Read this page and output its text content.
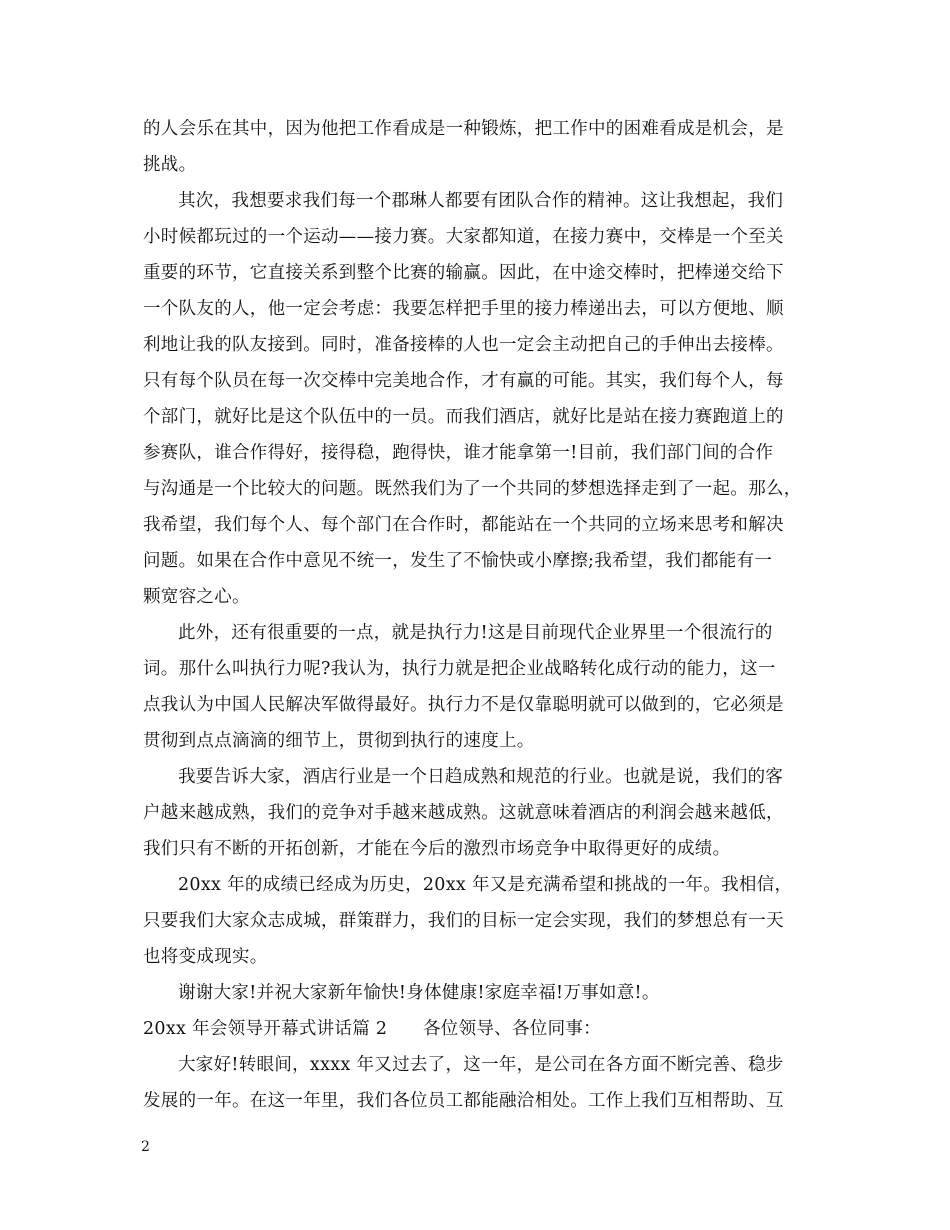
的人会乐在其中，因为他把工作看成是一种锻炼，把工作中的困难看成是机会，是
挑战。
其次，我想要求我们每一个郡琳人都要有团队合作的精神。这让我想起，我们
小时候都玩过的一个运动——接力赛。大家都知道，在接力赛中，交棒是一个至关
重要的环节，它直接关系到整个比赛的输赢。因此，在中途交棒时，把棒递交给下
一个队友的人，他一定会考虑：我要怎样把手里的接力棒递出去，可以方便地、顺
利地让我的队友接到。同时，准备接棒的人也一定会主动把自己的手伸出去接棒。
只有每个队员在每一次交棒中完美地合作，才有赢的可能。其实，我们每个人，每
个部门，就好比是这个队伍中的一员。而我们酒店，就好比是站在接力赛跑道上的
参赛队，谁合作得好，接得稳，跑得快，谁才能拿第一!目前，我们部门间的合作
与沟通是一个比较大的问题。既然我们为了一个共同的梦想选择走到了一起。那么，
我希望，我们每个人、每个部门在合作时，都能站在一个共同的立场来思考和解决
问题。如果在合作中意见不统一，发生了不愉快或小摩擦;我希望，我们都能有一
颗宽容之心。
此外，还有很重要的一点，就是执行力!这是目前现代企业界里一个很流行的
词。那什么叫执行力呢?我认为，执行力就是把企业战略转化成行动的能力，这一
点我认为中国人民解决军做得最好。执行力不是仅靠聪明就可以做到的，它必须是
贯彻到点点滴滴的细节上，贯彻到执行的速度上。
我要告诉大家，酒店行业是一个日趋成熟和规范的行业。也就是说，我们的客
户越来越成熟，我们的竞争对手越来越成熟。这就意味着酒店的利润会越来越低，
我们只有不断的开拓创新，才能在今后的激烈市场竞争中取得更好的成绩。
20xx 年的成绩已经成为历史，20xx 年又是充满希望和挑战的一年。我相信，
只要我们大家众志成城，群策群力，我们的目标一定会实现，我们的梦想总有一天
也将变成现实。
谢谢大家!并祝大家新年愉快!身体健康!家庭幸福!万事如意!。
20xx 年会领导开幕式讲话篇 2　　各位领导、各位同事：
大家好!转眼间，xxxx 年又过去了，这一年，是公司在各方面不断完善、稳步
发展的一年。在这一年里，我们各位员工都能融洽相处。工作上我们互相帮助、互
2
